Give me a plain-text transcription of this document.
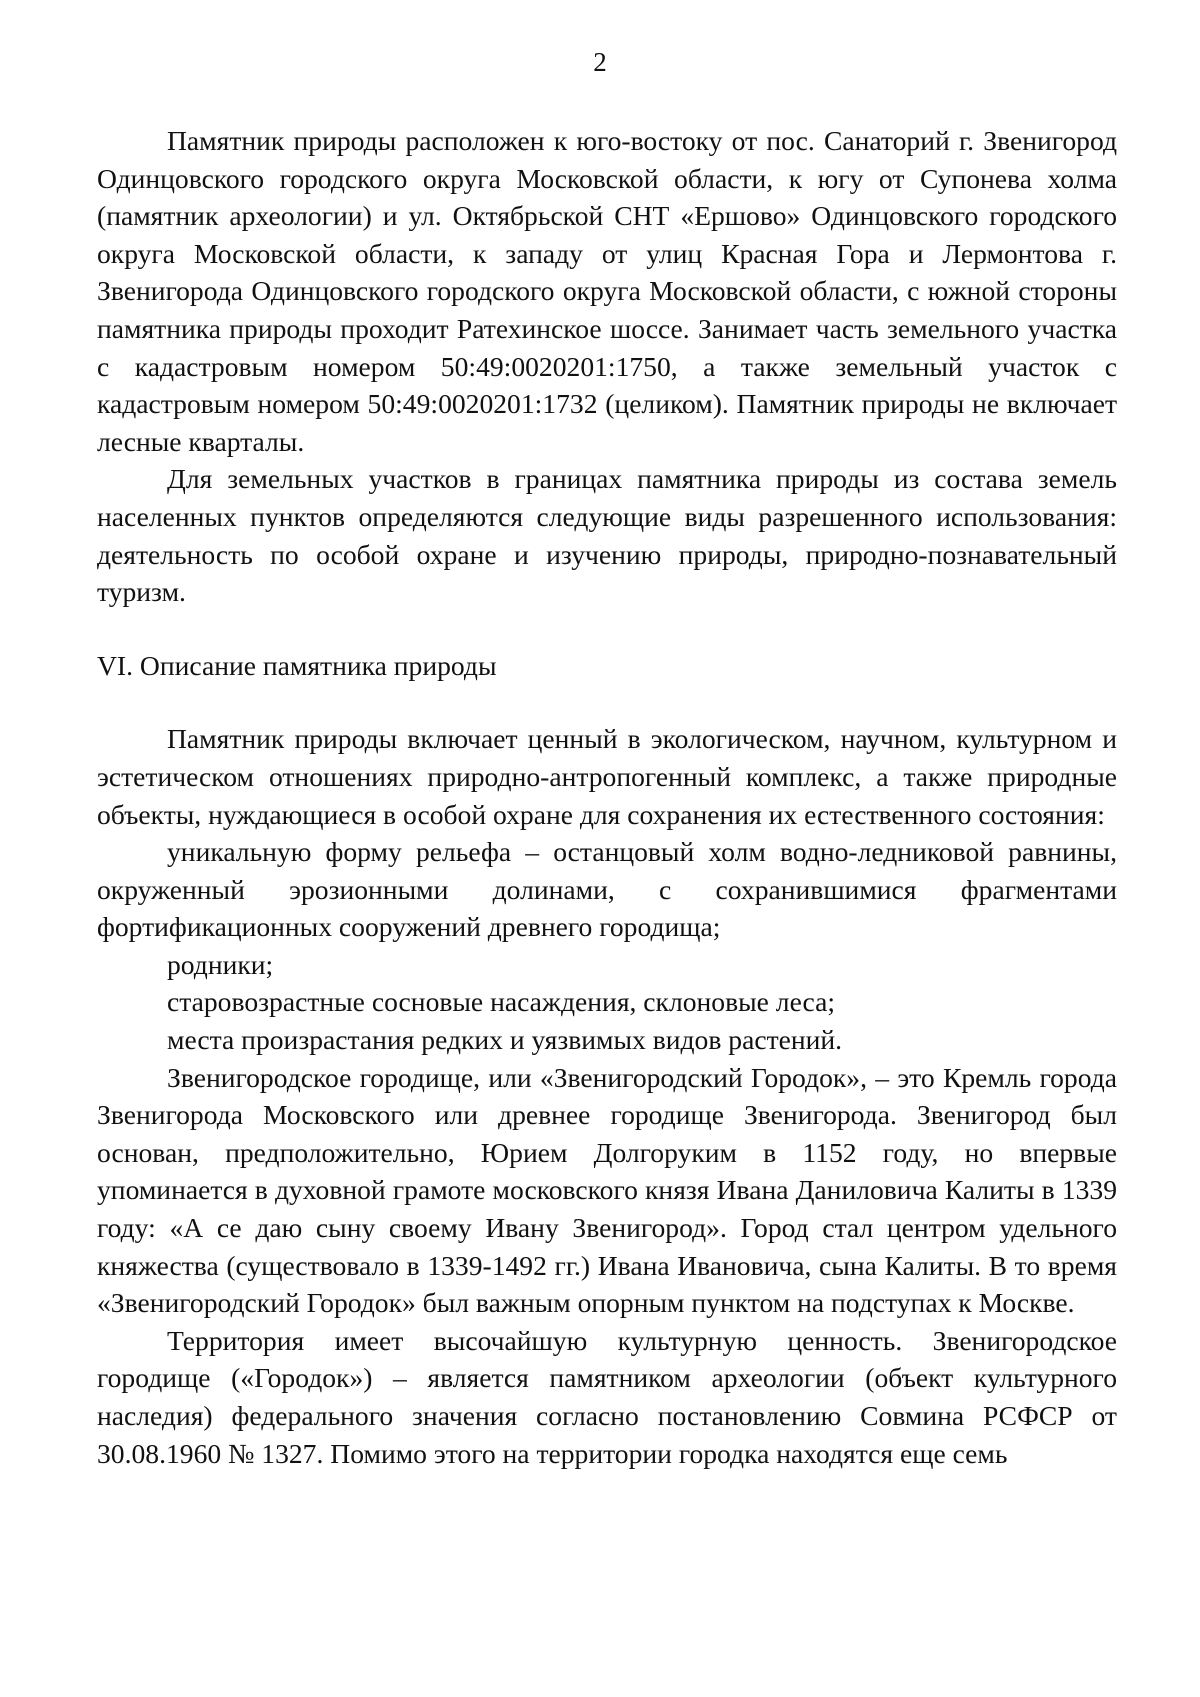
2

Памятник природы расположен к юго-востоку от пос. Санаторий г. Звенигород Одинцовского городского округа Московской области, к югу от Супонева холма (памятник археологии) и ул. Октябрьской СНТ «Ершово» Одинцовского городского округа Московской области, к западу от улиц Красная Гора и Лермонтова г. Звенигорода Одинцовского городского округа Московской области, с южной стороны памятника природы проходит Ратехинское шоссе. Занимает часть земельного участка с кадастровым номером 50:49:0020201:1750, а также земельный участок с кадастровым номером 50:49:0020201:1732 (целиком). Памятник природы не включает лесные кварталы.

Для земельных участков в границах памятника природы из состава земель населенных пунктов определяются следующие виды разрешенного использования: деятельность по особой охране и изучению природы, природно-познавательный туризм.

VI. Описание памятника природы

Памятник природы включает ценный в экологическом, научном, культурном и эстетическом отношениях природно-антропогенный комплекс, а также природные объекты, нуждающиеся в особой охране для сохранения их естественного состояния:

уникальную форму рельефа – останцовый холм водно-ледниковой равнины, окруженный эрозионными долинами, с сохранившимися фрагментами фортификационных сооружений древнего городища;

родники;

старовозрастные сосновые насаждения, склоновые леса;

места произрастания редких и уязвимых видов растений.

Звенигородское городище, или «Звенигородский Городок», – это Кремль города Звенигорода Московского или древнее городище Звенигорода. Звенигород был основан, предположительно, Юрием Долгоруким в 1152 году, но впервые упоминается в духовной грамоте московского князя Ивана Даниловича Калиты в 1339 году: «А се даю сыну своему Ивану Звенигород». Город стал центром удельного княжества (существовало в 1339-1492 гг.) Ивана Ивановича, сына Калиты. В то время «Звенигородский Городок» был важным опорным пунктом на подступах к Москве.

Территория имеет высочайшую культурную ценность. Звенигородское городище («Городок») – является памятником археологии (объект культурного наследия) федерального значения согласно постановлению Совмина РСФСР от 30.08.1960 № 1327. Помимо этого на территории городка находятся еще семь
